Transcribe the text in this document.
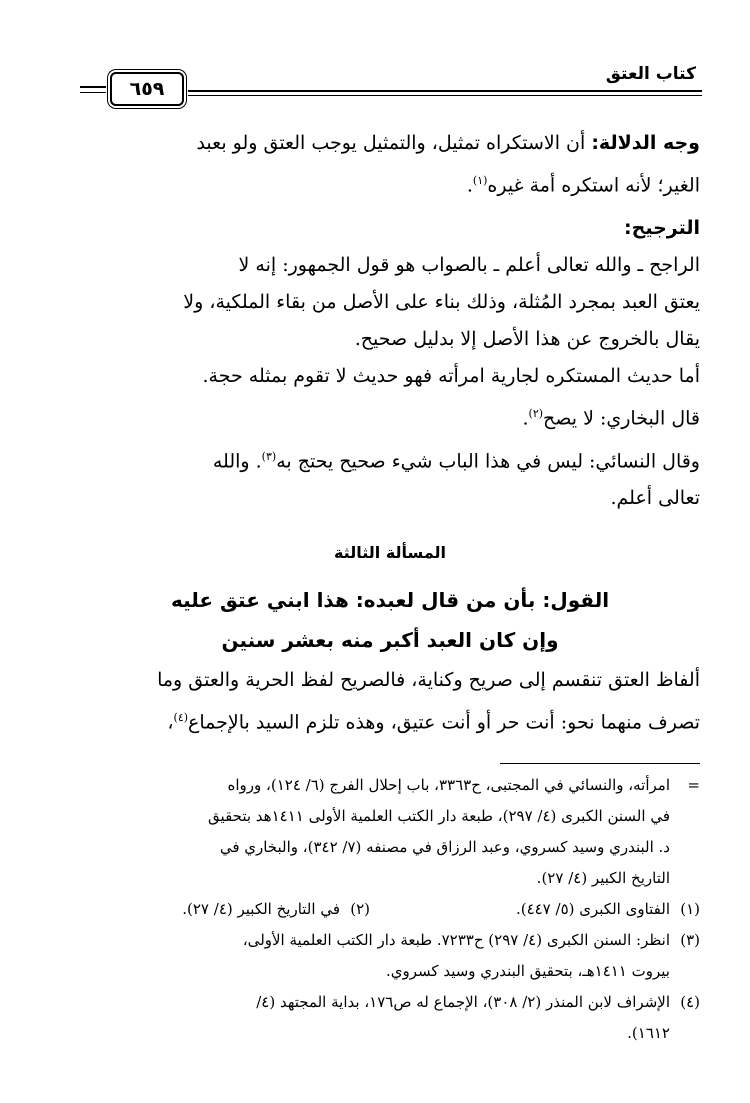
كتاب العتق
٦٥٩
وجه الدلالة: أن الاستكراه تمثيل، والتمثيل يوجب العتق ولو بعبد
الغير؛ لأنه استكره أمة غيره$^{(١)}$.
الترجيح:
الراجح ـ والله تعالى أعلم ـ بالصواب هو قول الجمهور: إنه لا
يعتق العبد بمجرد المُثلة، وذلك بناء على الأصل من بقاء الملكية، ولا
يقال بالخروج عن هذا الأصل إلا بدليل صحيح.
أما حديث المستكره لجارية امرأته فهو حديث لا تقوم بمثله حجة.
قال البخاري: لا يصح$^{(٢)}$.
وقال النسائي: ليس في هذا الباب شيء صحيح يحتج به$^{(٣)}$. والله
تعالى أعلم.
المسألة الثالثة
القول: بأن من قال لعبده: هذا ابني عتق عليه
وإن كان العبد أكبر منه بعشر سنين
ألفاظ العتق تنقسم إلى صريح وكناية، فالصريح لفظ الحرية والعتق وما
تصرف منهما نحو: أنت حر أو أنت عتيق، وهذه تلزم السيد بالإجماع$^{(٤)}$،
=
امرأته، والنسائي في المجتبى، ح٣٣٦٣، باب إحلال الفرج (٦/ ١٢٤)، ورواه
في السنن الكبرى (٤/ ٢٩٧)، طبعة دار الكتب العلمية الأولى ١٤١١هد بتحقيق
د. البندري وسيد كسروي، وعبد الرزاق في مصنفه (٧/ ٣٤٢)، والبخاري في
التاريخ الكبير (٤/ ٢٧).
(١)
الفتاوى الكبرى (٥/ ٤٤٧).
(٢)
في التاريخ الكبير (٤/ ٢٧).
(٣)
انظر: السنن الكبرى (٤/ ٢٩٧) ح٧٢٣٣. طبعة دار الكتب العلمية الأولى،
بيروت ١٤١١هـ، بتحقيق البندري وسيد كسروي.
(٤)
الإشراف لابن المنذر (٢/ ٣٠٨)، الإجماع له ص١٧٦، بداية المجتهد (٤/
١٦١٢).
